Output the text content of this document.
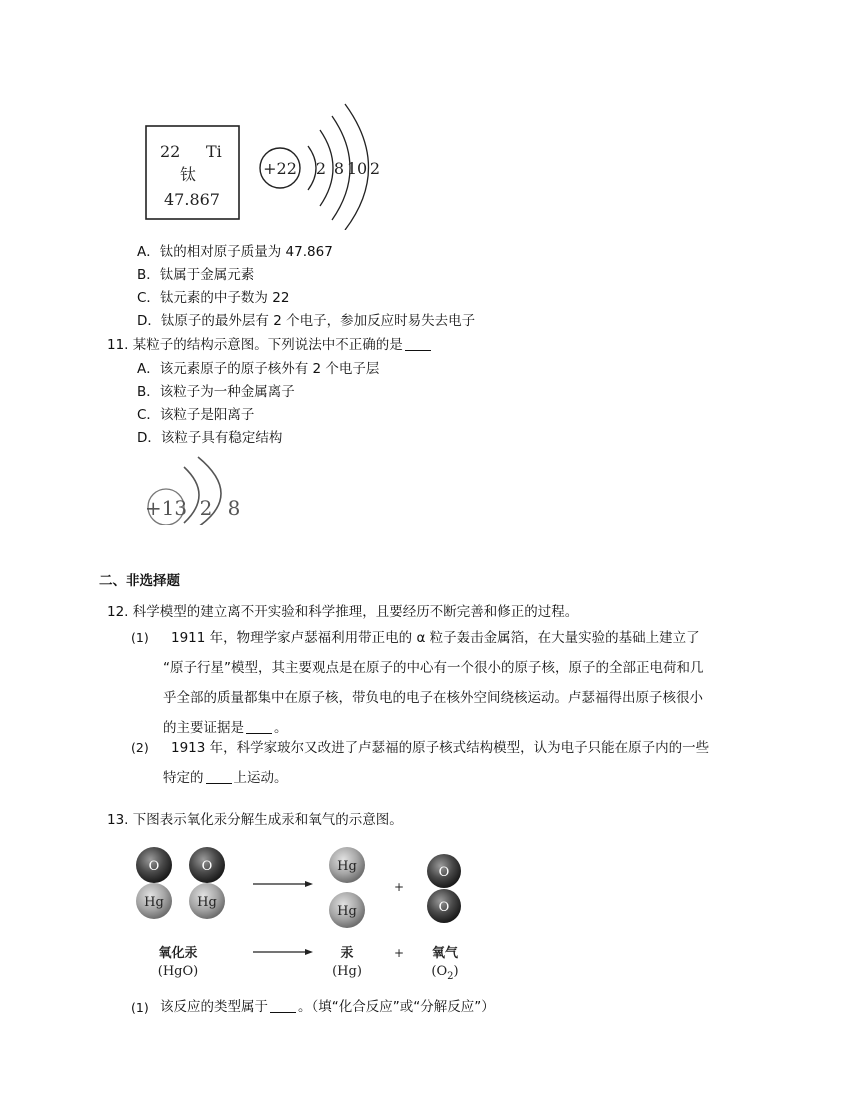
22 Ti
钛
47.867
+22 2 8 10 2
A．钛的相对原子质量为 47.867
B．钛属于金属元素
C．钛元素的中子数为 22
D．钛原子的最外层有 2 个电子，参加反应时易失去电子
11. 某粒子的结构示意图。下列说法中不正确的是
A．该元素原子的原子核外有 2 个电子层
B．该粒子为一种金属离子
C．该粒子是阳离子
D．该粒子具有稳定结构
+13 2 8
二、非选择题
12. 科学模型的建立离不开实验和科学推理，且要经历不断完善和修正的过程。
(1)	1911 年，物理学家卢瑟福利用带正电的 α 粒子轰击金属箔，在大量实验的基础上建立了
“原子行星”模型，其主要观点是在原子的中心有一个很小的原子核，原子的全部正电荷和几
乎全部的质量都集中在原子核，带负电的电子在核外空间绕核运动。卢瑟福得出原子核很小
的主要证据是 。
(2)	1913 年，科学家玻尔又改进了卢瑟福的原子核式结构模型，认为电子只能在原子内的一些
特定的 上运动。
13. 下图表示氧化汞分解生成汞和氧气的示意图。
O
Hg
O
Hg
Hg
Hg
+
O
O
氧化汞
(HgO)
汞
(Hg)
+ 氧气
$(O_2)$
(1) 该反应的类型属于 。（填“化合反应”或“分解反应”）
